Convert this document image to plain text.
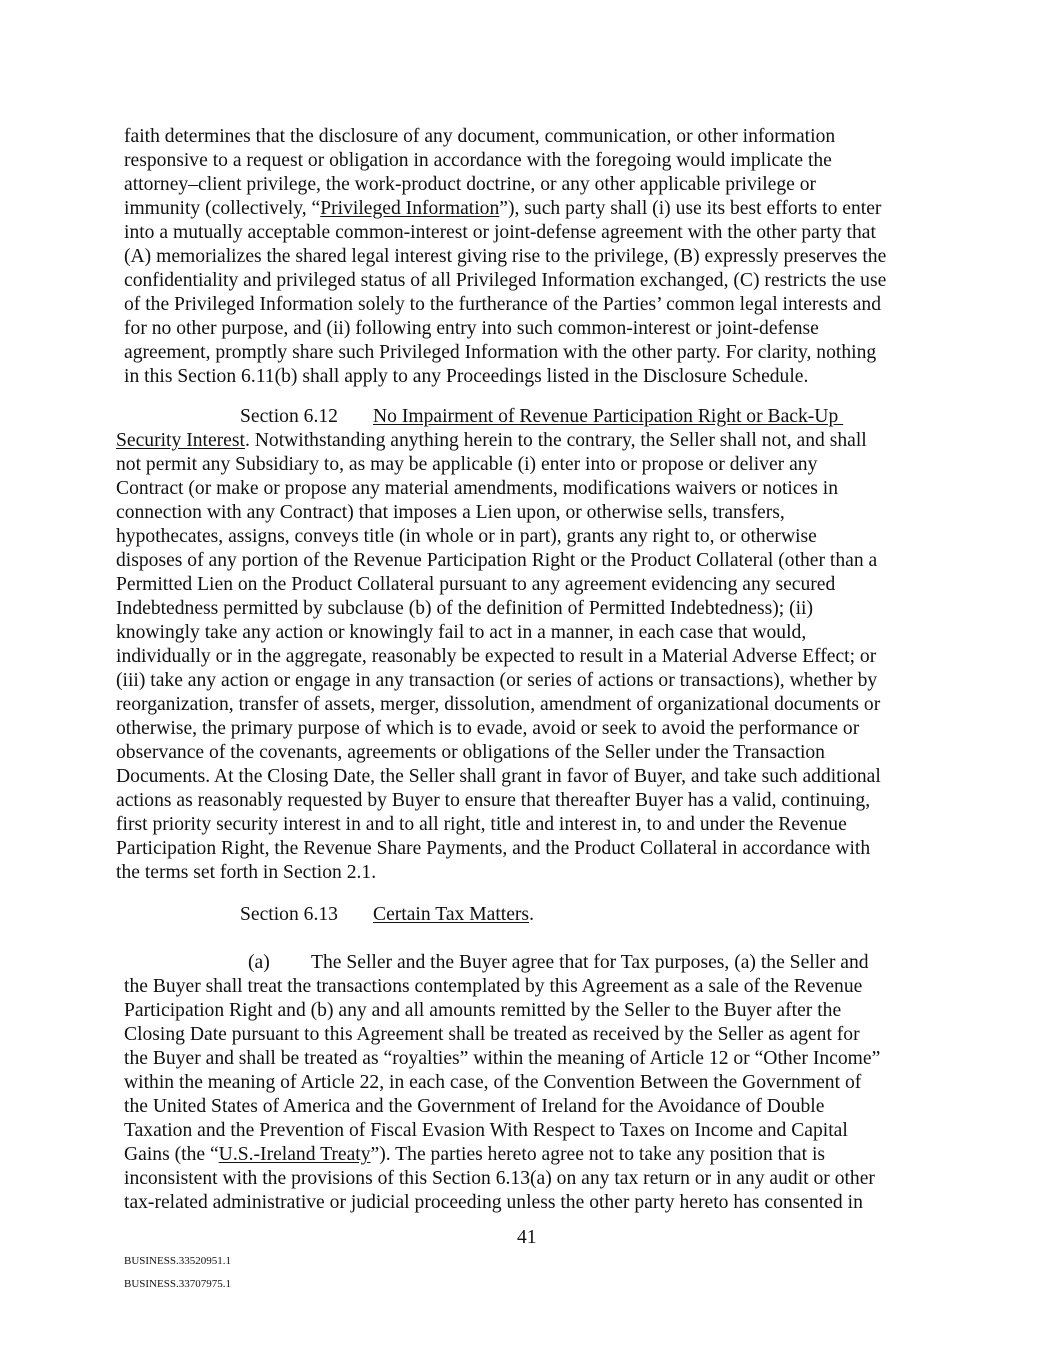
faith determines that the disclosure of any document, communication, or other information
responsive to a request or obligation in accordance with the foregoing would implicate the
attorney–client privilege, the work-product doctrine, or any other applicable privilege or
immunity (collectively, “Privileged Information”), such party shall (i) use its best efforts to enter
into a mutually acceptable common-interest or joint-defense agreement with the other party that
(A) memorializes the shared legal interest giving rise to the privilege, (B) expressly preserves the
confidentiality and privileged status of all Privileged Information exchanged, (C) restricts the use
of the Privileged Information solely to the furtherance of the Parties’ common legal interests and
for no other purpose, and (ii) following entry into such common-interest or joint-defense
agreement, promptly share such Privileged Information with the other party. For clarity, nothing
in this Section 6.11(b) shall apply to any Proceedings listed in the Disclosure Schedule.
Section 6.12 No Impairment of Revenue Participation Right or Back-Up
Security Interest. Notwithstanding anything herein to the contrary, the Seller shall not, and shall
not permit any Subsidiary to, as may be applicable (i) enter into or propose or deliver any
Contract (or make or propose any material amendments, modifications waivers or notices in
connection with any Contract) that imposes a Lien upon, or otherwise sells, transfers,
hypothecates, assigns, conveys title (in whole or in part), grants any right to, or otherwise
disposes of any portion of the Revenue Participation Right or the Product Collateral (other than a
Permitted Lien on the Product Collateral pursuant to any agreement evidencing any secured
Indebtedness permitted by subclause (b) of the definition of Permitted Indebtedness); (ii)
knowingly take any action or knowingly fail to act in a manner, in each case that would,
individually or in the aggregate, reasonably be expected to result in a Material Adverse Effect; or
(iii) take any action or engage in any transaction (or series of actions or transactions), whether by
reorganization, transfer of assets, merger, dissolution, amendment of organizational documents or
otherwise, the primary purpose of which is to evade, avoid or seek to avoid the performance or
observance of the covenants, agreements or obligations of the Seller under the Transaction
Documents. At the Closing Date, the Seller shall grant in favor of Buyer, and take such additional
actions as reasonably requested by Buyer to ensure that thereafter Buyer has a valid, continuing,
first priority security interest in and to all right, title and interest in, to and under the Revenue
Participation Right, the Revenue Share Payments, and the Product Collateral in accordance with
the terms set forth in Section 2.1.
Section 6.13 Certain Tax Matters.
(a) The Seller and the Buyer agree that for Tax purposes, (a) the Seller and
the Buyer shall treat the transactions contemplated by this Agreement as a sale of the Revenue
Participation Right and (b) any and all amounts remitted by the Seller to the Buyer after the
Closing Date pursuant to this Agreement shall be treated as received by the Seller as agent for
the Buyer and shall be treated as “royalties” within the meaning of Article 12 or “Other Income”
within the meaning of Article 22, in each case, of the Convention Between the Government of
the United States of America and the Government of Ireland for the Avoidance of Double
Taxation and the Prevention of Fiscal Evasion With Respect to Taxes on Income and Capital
Gains (the “U.S.-Ireland Treaty”). The parties hereto agree not to take any position that is
inconsistent with the provisions of this Section 6.13(a) on any tax return or in any audit or other
tax-related administrative or judicial proceeding unless the other party hereto has consented in
41
BUSINESS.33520951.1
BUSINESS.33707975.1
